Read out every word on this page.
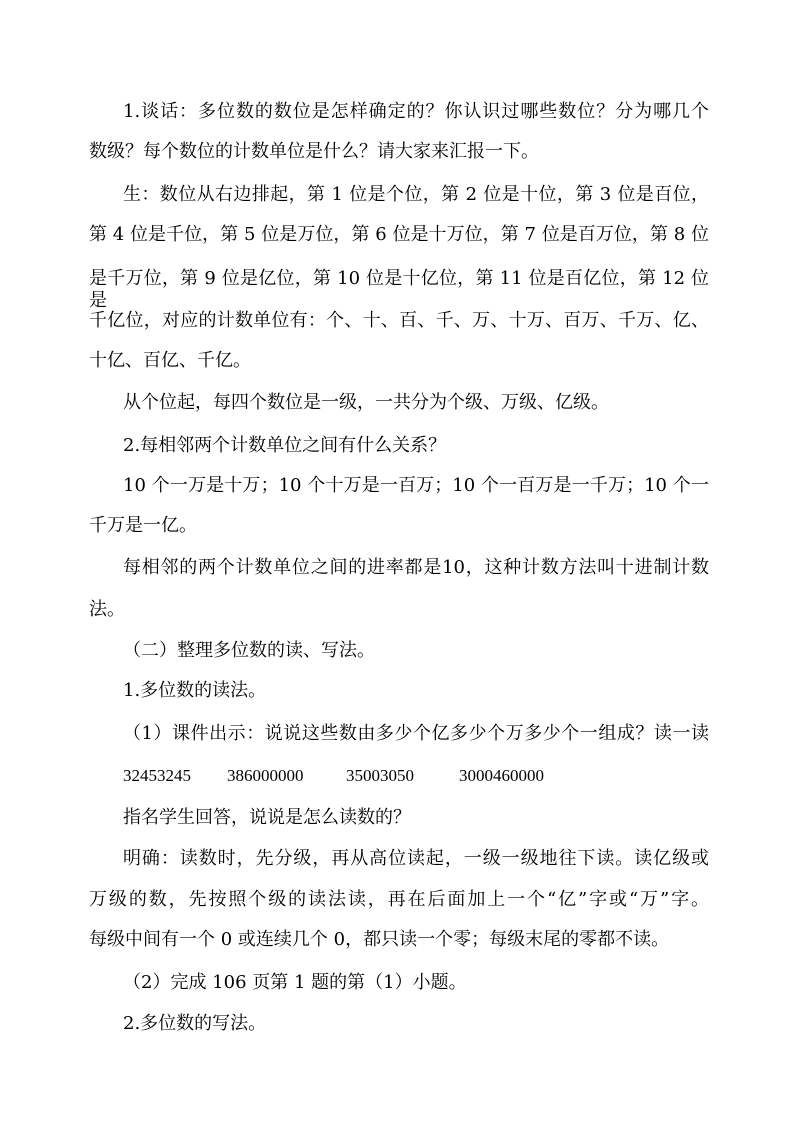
1.谈话：多位数的数位是怎样确定的？你认识过哪些数位？分为哪几个
数级？每个数位的计数单位是什么？请大家来汇报一下。
生：数位从右边排起，第 1 位是个位，第 2 位是十位，第 3 位是百位，
第 4 位是千位，第 5 位是万位，第 6 位是十万位，第 7 位是百万位，第 8 位
是千万位，第 9 位是亿位，第 10 位是十亿位，第 11 位是百亿位，第 12 位是
千亿位，对应的计数单位有：个、十、百、千、万、十万、百万、千万、亿、
十亿、百亿、千亿。
从个位起，每四个数位是一级，一共分为个级、万级、亿级。
2.每相邻两个计数单位之间有什么关系？
10 个一万是十万；10 个十万是一百万；10 个一百万是一千万；10 个一
千万是一亿。
每相邻的两个计数单位之间的进率都是10，这种计数方法叫十进制计数
法。
（二）整理多位数的读、写法。
1.多位数的读法。
（1）课件出示：说说这些数由多少个亿多少个万多少个一组成？读一读
32453245 386000000	35003050	3000460000
指名学生回答，说说是怎么读数的？
明确：读数时，先分级，再从高位读起，一级一级地往下读。读亿级或
万级的数，先按照个级的读法读，再在后面加上一个“亿”字或“万”字。
每级中间有一个 0 或连续几个 0，都只读一个零；每级末尾的零都不读。
（2）完成 106 页第 1 题的第（1）小题。
2.多位数的写法。
